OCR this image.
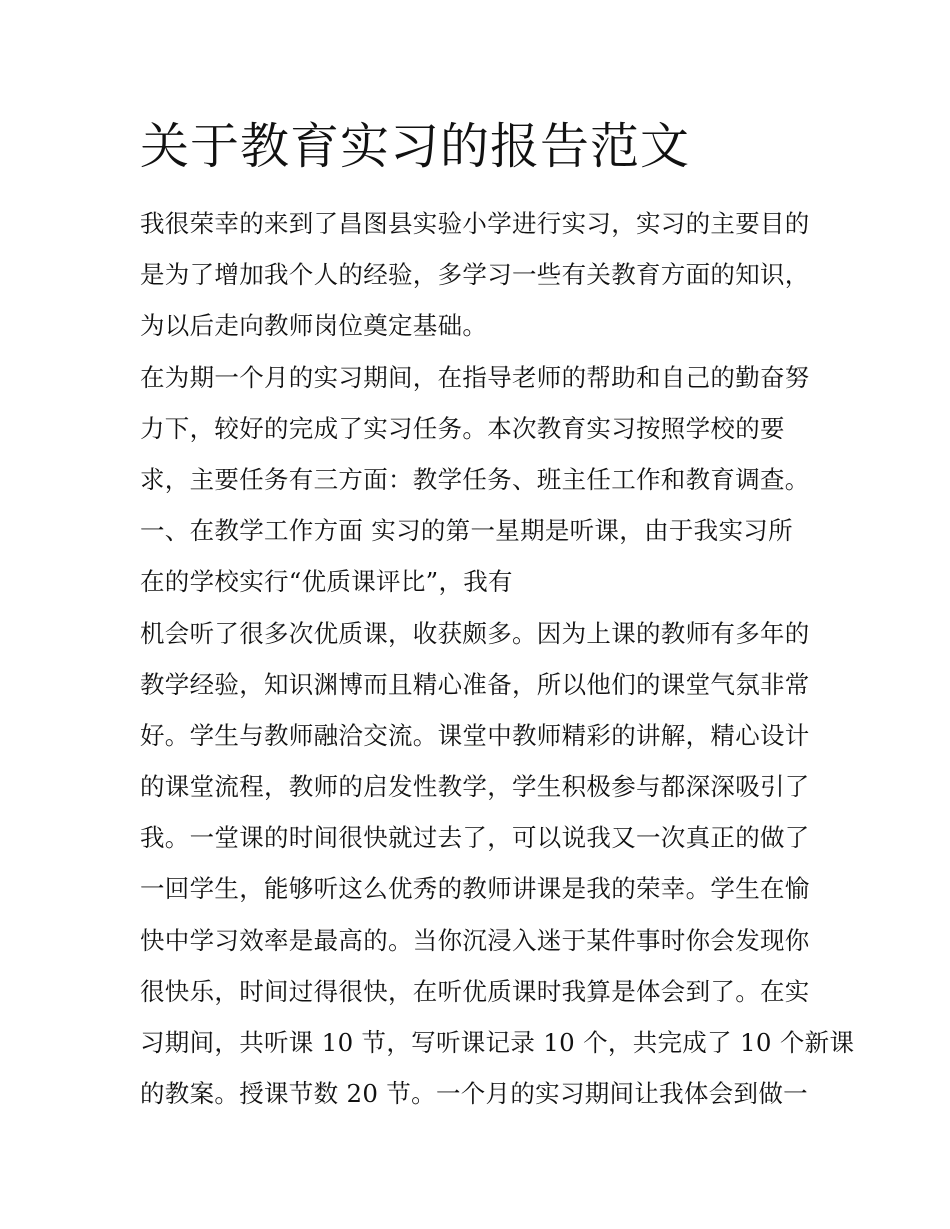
关于教育实习的报告范文
我很荣幸的来到了昌图县实验小学进行实习，实习的主要目的
是为了增加我个人的经验，多学习一些有关教育方面的知识，
为以后走向教师岗位奠定基础。
在为期一个月的实习期间，在指导老师的帮助和自己的勤奋努
力下，较好的完成了实习任务。本次教育实习按照学校的要
求，主要任务有三方面：教学任务、班主任工作和教育调查。
一、在教学工作方面 实习的第一星期是听课，由于我实习所
在的学校实行“优质课评比”，我有
机会听了很多次优质课，收获颇多。因为上课的教师有多年的
教学经验，知识渊博而且精心准备，所以他们的课堂气氛非常
好。学生与教师融洽交流。课堂中教师精彩的讲解，精心设计
的课堂流程，教师的启发性教学，学生积极参与都深深吸引了
我。一堂课的时间很快就过去了，可以说我又一次真正的做了
一回学生，能够听这么优秀的教师讲课是我的荣幸。学生在愉
快中学习效率是最高的。当你沉浸入迷于某件事时你会发现你
很快乐，时间过得很快，在听优质课时我算是体会到了。在实
习期间，共听课 10 节，写听课记录 10 个，共完成了 10 个新课
的教案。授课节数 20 节。一个月的实习期间让我体会到做一
